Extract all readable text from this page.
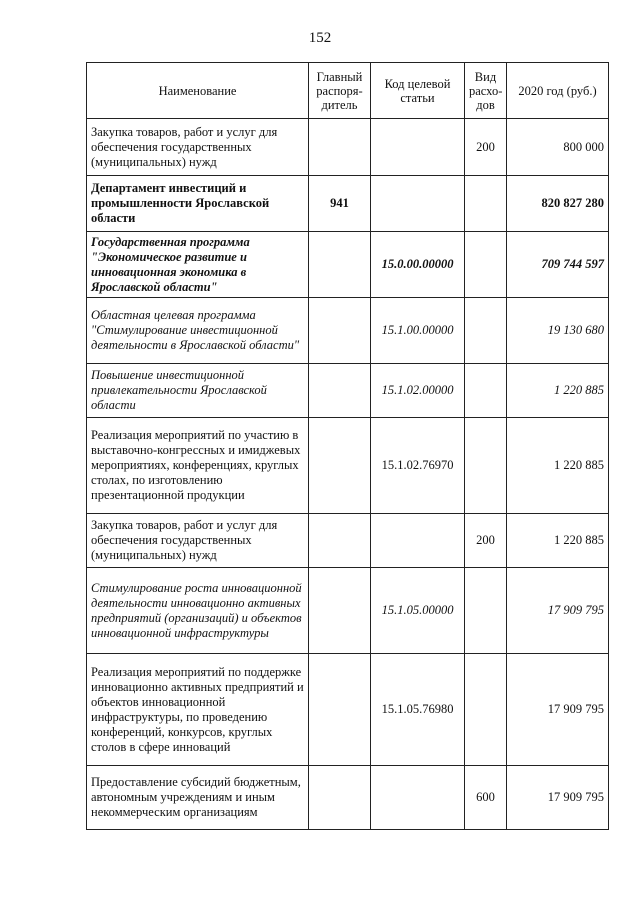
152
Наименование	Главный распоря-дитель	Код целевой статьи	Вид расхо-дов	2020 год (руб.)
Закупка товаров, работ и услуг для обеспечения государственных (муниципальных) нужд			200	800 000
Департамент инвестиций и промышленности Ярославской области	941			820 827 280
Государственная программа "Экономическое развитие и инновационная экономика в Ярославской области"		15.0.00.00000		709 744 597
Областная целевая программа "Стимулирование инвестиционной деятельности в Ярославской области"		15.1.00.00000		19 130 680
Повышение инвестиционной привлекательности Ярославской области		15.1.02.00000		1 220 885
Реализация мероприятий по участию в выставочно-конгрессных и имиджевых мероприятиях, конференциях, круглых столах, по изготовлению презентационной продукции		15.1.02.76970		1 220 885
Закупка товаров, работ и услуг для обеспечения государственных (муниципальных) нужд			200	1 220 885
Стимулирование роста инновационной деятельности инновационно активных предприятий (организаций) и объектов инновационной инфраструктуры		15.1.05.00000		17 909 795
Реализация мероприятий по поддержке инновационно активных предприятий и объектов инновационной инфраструктуры, по проведению конференций, конкурсов, круглых столов в сфере инноваций		15.1.05.76980		17 909 795
Предоставление субсидий бюджетным, автономным учреждениям и иным некоммерческим организациям			600	17 909 795
